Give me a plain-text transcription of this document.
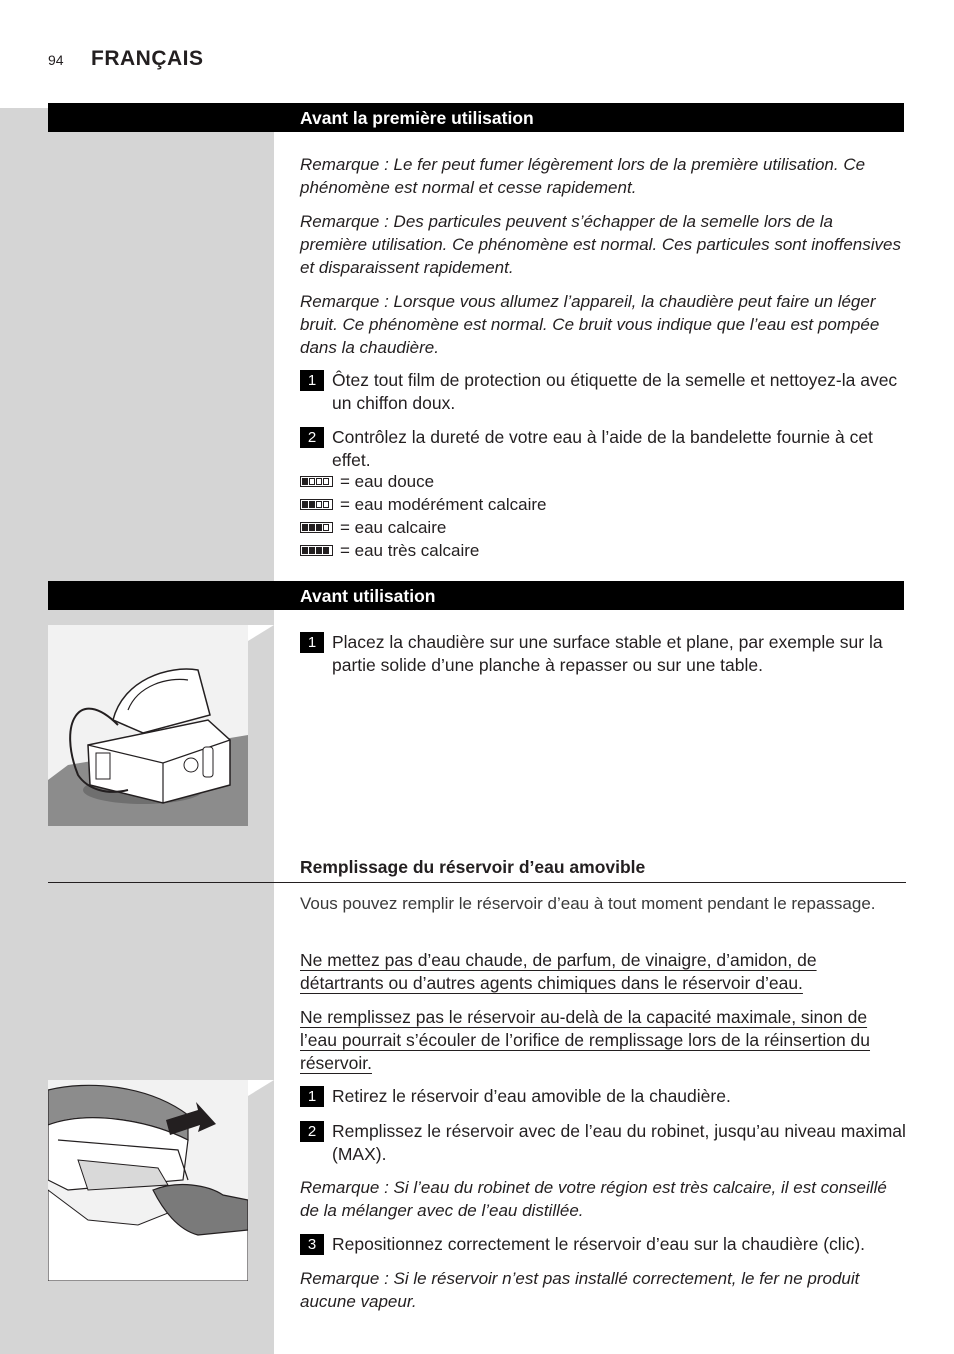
94 FRANÇAIS
Avant la première utilisation
Remarque : Le fer peut fumer légèrement lors de la première utilisation. Ce phénomène est normal et cesse rapidement.
Remarque : Des particules peuvent s’échapper de la semelle lors de la première utilisation. Ce phénomène est normal. Ces particules sont inoffensives et disparaissent rapidement.
Remarque : Lorsque vous allumez l’appareil, la chaudière peut faire un léger bruit. Ce phénomène est normal. Ce bruit vous indique que l’eau est pompée dans la chaudière.
1 Ôtez tout film de protection ou étiquette de la semelle et nettoyez-la avec un chiffon doux.
2 Contrôlez la dureté de votre eau à l’aide de la bandelette fournie à cet effet.
= eau douce
= eau modérément calcaire
= eau calcaire
= eau très calcaire
Avant utilisation
1 Placez la chaudière sur une surface stable et plane, par exemple sur la partie solide d’une planche à repasser ou sur une table.
Remplissage du réservoir d’eau amovible
Vous pouvez remplir le réservoir d’eau à tout moment pendant le repassage.
Ne mettez pas d’eau chaude, de parfum, de vinaigre, d’amidon, de détartrants ou d’autres agents chimiques dans le réservoir d’eau.
Ne remplissez pas le réservoir au-delà de la capacité maximale, sinon de l’eau pourrait s’écouler de l’orifice de remplissage lors de la réinsertion du réservoir.
1 Retirez le réservoir d’eau amovible de la chaudière.
2 Remplissez le réservoir avec de l’eau du robinet, jusqu’au niveau maximal (MAX).
Remarque : Si l’eau du robinet de votre région est très calcaire, il est conseillé de la mélanger avec de l’eau distillée.
3 Repositionnez correctement le réservoir d’eau sur la chaudière (clic).
Remarque : Si le réservoir n’est pas installé correctement, le fer ne produit aucune vapeur.
